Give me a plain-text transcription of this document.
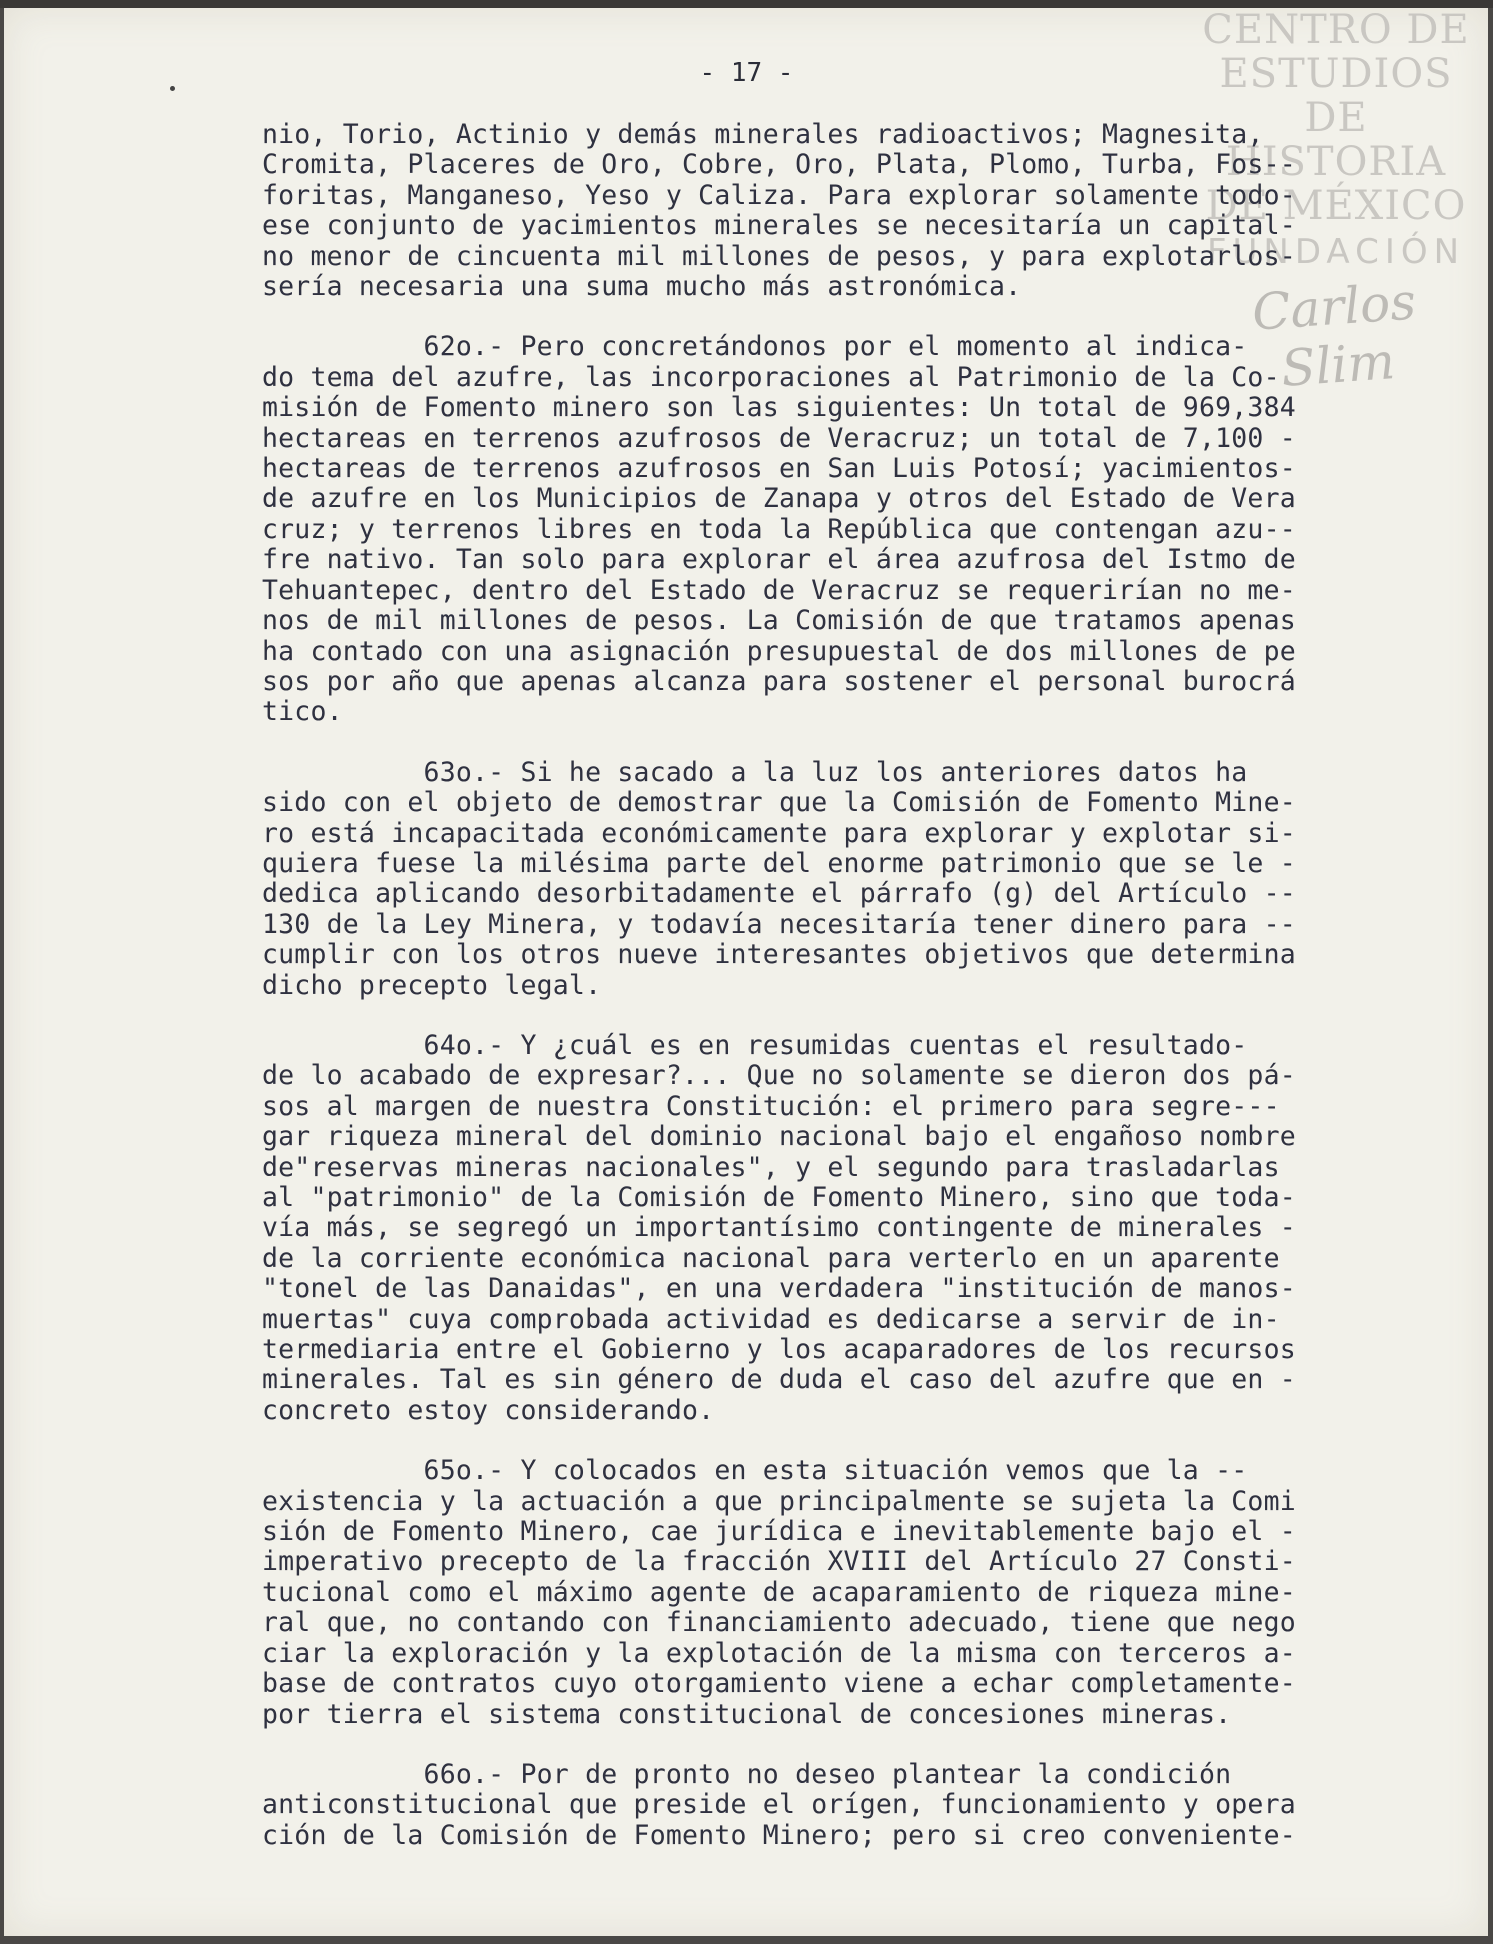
CENTRO DE
ESTUDIOS
DE HISTORIA
DE MÉXICO
FUNDACIÓN
Carlos Slim
- 17 -
nio, Torio, Actinio y demás minerales radioactivos; Magnesita,
Cromita, Placeres de Oro, Cobre, Oro, Plata, Plomo, Turba, Fos--
foritas, Manganeso, Yeso y Caliza. Para explorar solamente todo-
ese conjunto de yacimientos minerales se necesitaría un capital-
no menor de cincuenta mil millones de pesos, y para explotarlos-
sería necesaria una suma mucho más astronómica.
62o.- Pero concretándonos por el momento al indica-
do tema del azufre, las incorporaciones al Patrimonio de la Co-
misión de Fomento minero son las siguientes: Un total de 969,384
hectareas en terrenos azufrosos de Veracruz; un total de 7,100 -
hectareas de terrenos azufrosos en San Luis Potosí; yacimientos-
de azufre en los Municipios de Zanapa y otros del Estado de Vera
cruz; y terrenos libres en toda la República que contengan azu--
fre nativo. Tan solo para explorar el área azufrosa del Istmo de
Tehuantepec, dentro del Estado de Veracruz se requerirían no me-
nos de mil millones de pesos. La Comisión de que tratamos apenas
ha contado con una asignación presupuestal de dos millones de pe
sos por año que apenas alcanza para sostener el personal burocrá
tico.
63o.- Si he sacado a la luz los anteriores datos ha
sido con el objeto de demostrar que la Comisión de Fomento Mine-
ro está incapacitada económicamente para explorar y explotar si-
quiera fuese la milésima parte del enorme patrimonio que se le -
dedica aplicando desorbitadamente el párrafo (g) del Artículo --
130 de la Ley Minera, y todavía necesitaría tener dinero para --
cumplir con los otros nueve interesantes objetivos que determina
dicho precepto legal.
64o.- Y ¿cuál es en resumidas cuentas el resultado-
de lo acabado de expresar?... Que no solamente se dieron dos pá-
sos al margen de nuestra Constitución: el primero para segre---
gar riqueza mineral del dominio nacional bajo el engañoso nombre
de"reservas mineras nacionales", y el segundo para trasladarlas
al "patrimonio" de la Comisión de Fomento Minero, sino que toda-
vía más, se segregó un importantísimo contingente de minerales -
de la corriente económica nacional para verterlo en un aparente
"tonel de las Danaidas", en una verdadera "institución de manos-
muertas" cuya comprobada actividad es dedicarse a servir de in-
termediaria entre el Gobierno y los acaparadores de los recursos
minerales. Tal es sin género de duda el caso del azufre que en -
concreto estoy considerando.
65o.- Y colocados en esta situación vemos que la --
existencia y la actuación a que principalmente se sujeta la Comi
sión de Fomento Minero, cae jurídica e inevitablemente bajo el -
imperativo precepto de la fracción XVIII del Artículo 27 Consti-
tucional como el máximo agente de acaparamiento de riqueza mine-
ral que, no contando con financiamiento adecuado, tiene que nego
ciar la exploración y la explotación de la misma con terceros a-
base de contratos cuyo otorgamiento viene a echar completamente-
por tierra el sistema constitucional de concesiones mineras.
66o.- Por de pronto no deseo plantear la condición
anticonstitucional que preside el orígen, funcionamiento y opera
ción de la Comisión de Fomento Minero; pero si creo conveniente-
